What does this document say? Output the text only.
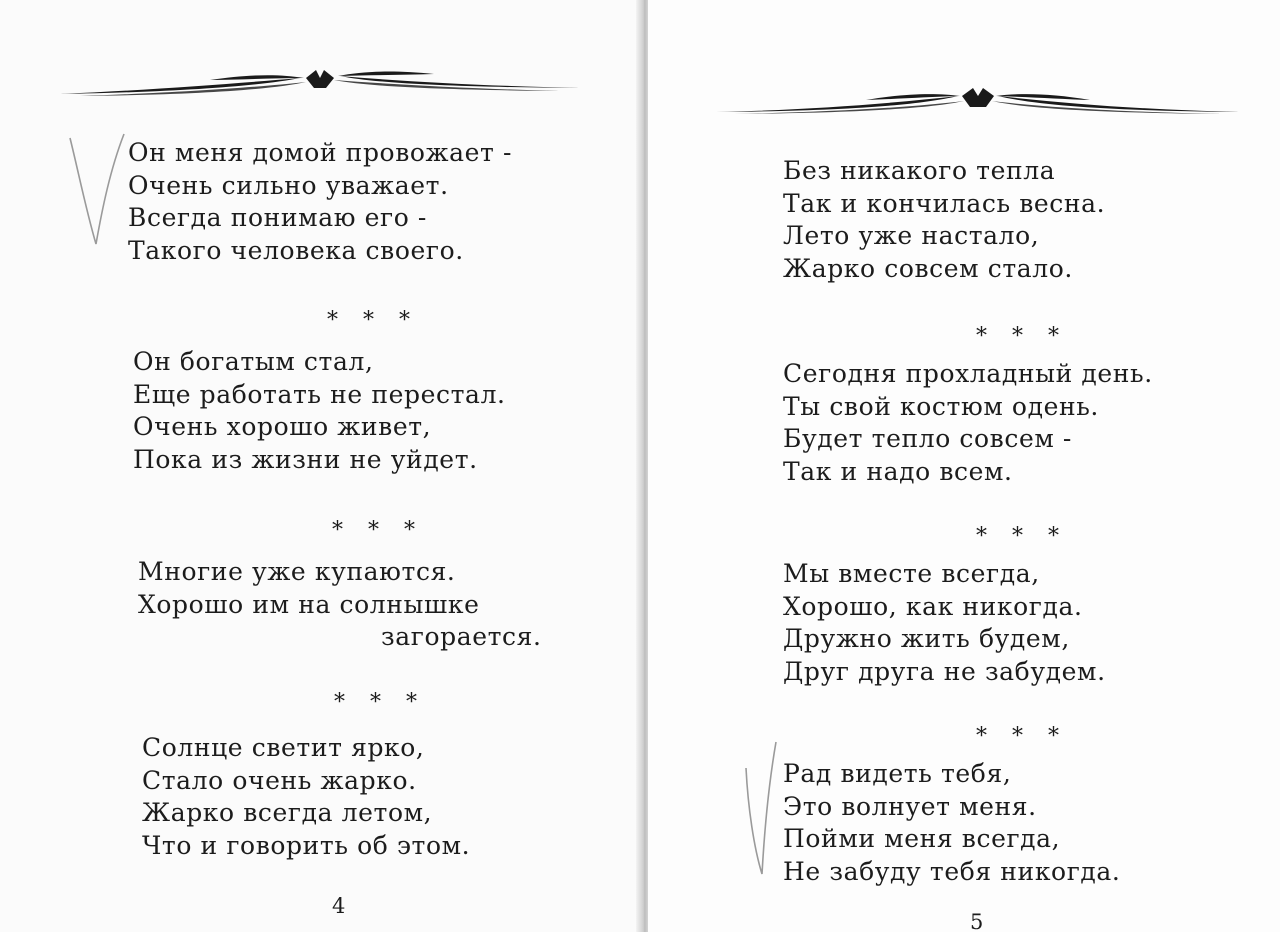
Он меня домой провожает -
Очень сильно уважает.
Всегда понимаю его -
Такого человека своего.
* * *
Он богатым стал,
Еще работать не перестал.
Очень хорошо живет,
Пока из жизни не уйдет.
* * *
Многие уже купаются.
Хорошо им на солнышке
загорается.
* * *
Солнце светит ярко,
Стало очень жарко.
Жарко всегда летом,
Что и говорить об этом.
4
Без никакого тепла
Так и кончилась весна.
Лето уже настало,
Жарко совсем стало.
* * *
Сегодня прохладный день.
Ты свой костюм одень.
Будет тепло совсем -
Так и надо всем.
* * *
Мы вместе всегда,
Хорошо, как никогда.
Дружно жить будем,
Друг друга не забудем.
* * *
Рад видеть тебя,
Это волнует меня.
Пойми меня всегда,
Не забуду тебя никогда.
5
